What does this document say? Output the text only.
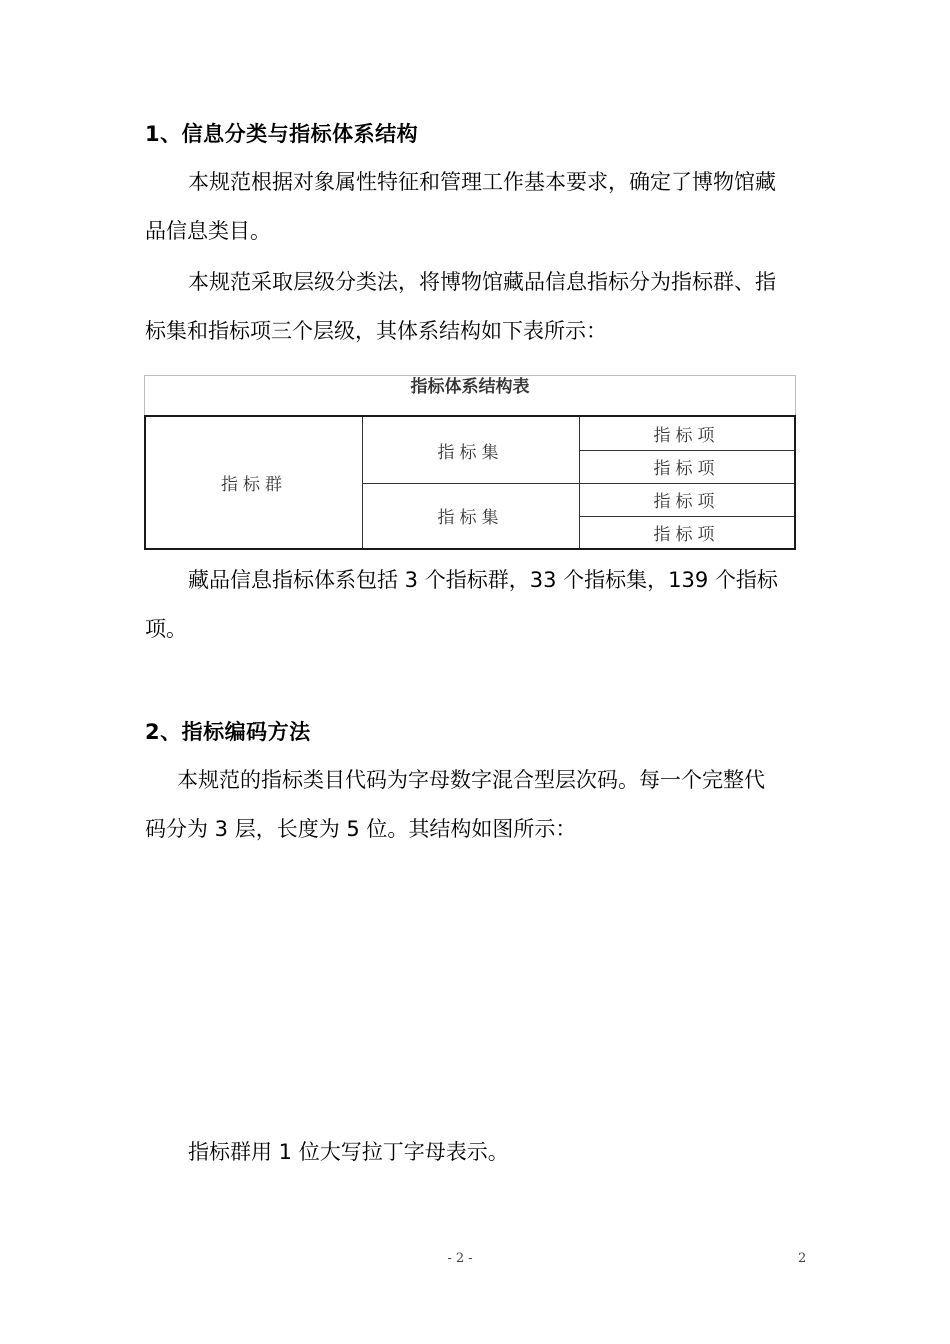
1、信息分类与指标体系结构
本规范根据对象属性特征和管理工作基本要求，确定了博物馆藏
品信息类目。
本规范采取层级分类法，将博物馆藏品信息指标分为指标群、指
标集和指标项三个层级，其体系结构如下表所示：
指标体系结构表
指标群
指标集
指标集
指标项
指标项
指标项
指标项
藏品信息指标体系包括 3 个指标群，33 个指标集，139 个指标
项。
2、指标编码方法
本规范的指标类目代码为字母数字混合型层次码。每一个完整代
码分为 3 层，长度为 5 位。其结构如图所示：
指标群用 1 位大写拉丁字母表示。
- 2 -	2
